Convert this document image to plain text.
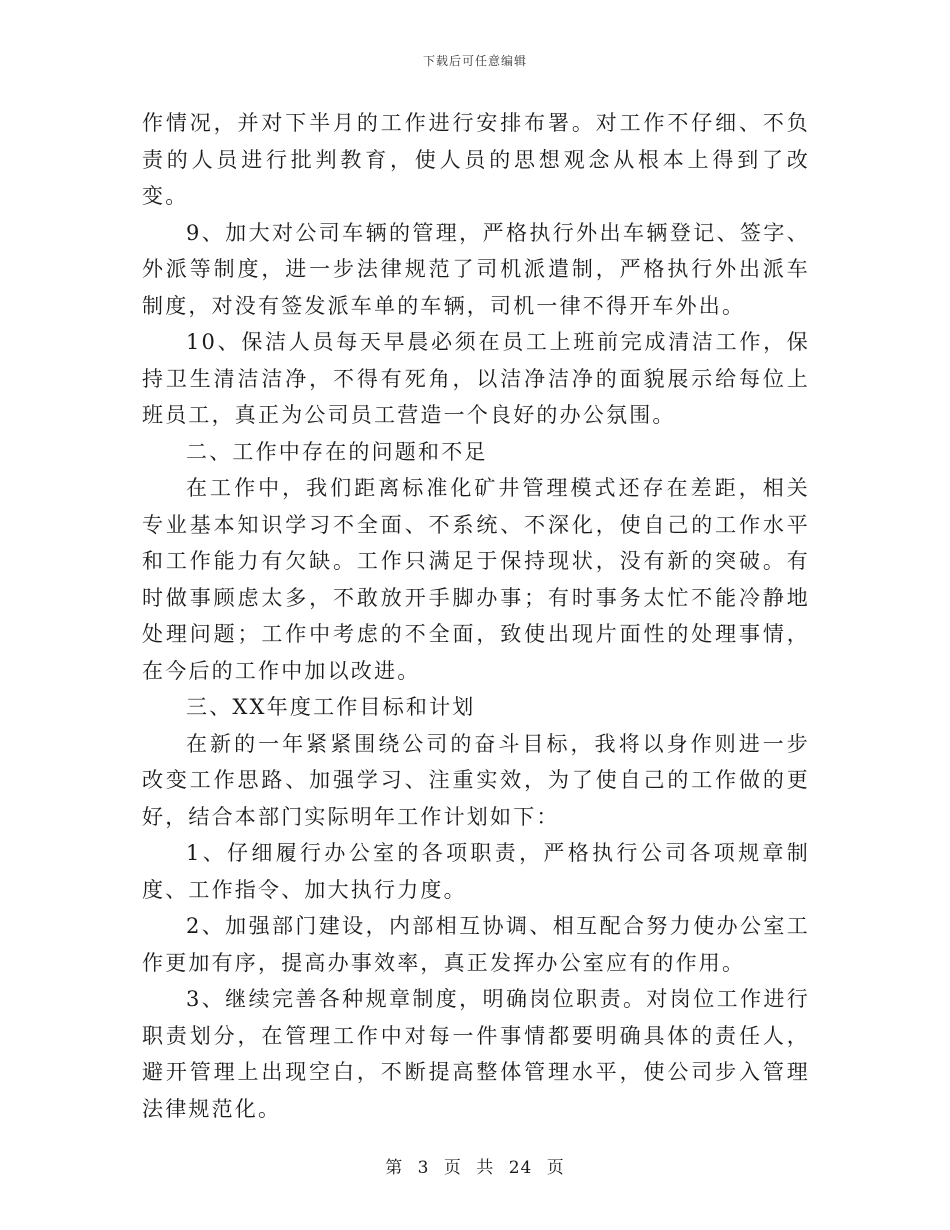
下载后可任意编辑

作情况，并对下半月的工作进行安排布署。对工作不仔细、不负责的人员进行批判教育，使人员的思想观念从根本上得到了改变。

9、加大对公司车辆的管理，严格执行外出车辆登记、签字、外派等制度，进一步法律规范了司机派遣制，严格执行外出派车制度，对没有签发派车单的车辆，司机一律不得开车外出。

10、保洁人员每天早晨必须在员工上班前完成清洁工作，保持卫生清洁洁净，不得有死角，以洁净洁净的面貌展示给每位上班员工，真正为公司员工营造一个良好的办公氛围。

二、工作中存在的问题和不足

在工作中，我们距离标准化矿井管理模式还存在差距，相关专业基本知识学习不全面、不系统、不深化，使自己的工作水平和工作能力有欠缺。工作只满足于保持现状，没有新的突破。有时做事顾虑太多，不敢放开手脚办事；有时事务太忙不能冷静地处理问题；工作中考虑的不全面，致使出现片面性的处理事情，在今后的工作中加以改进。

三、XX年度工作目标和计划

在新的一年紧紧围绕公司的奋斗目标，我将以身作则进一步改变工作思路、加强学习、注重实效，为了使自己的工作做的更好，结合本部门实际明年工作计划如下：

1、仔细履行办公室的各项职责，严格执行公司各项规章制度、工作指令、加大执行力度。

2、加强部门建设，内部相互协调、相互配合努力使办公室工作更加有序，提高办事效率，真正发挥办公室应有的作用。

3、继续完善各种规章制度，明确岗位职责。对岗位工作进行职责划分，在管理工作中对每一件事情都要明确具体的责任人，避开管理上出现空白，不断提高整体管理水平，使公司步入管理法律规范化。

第 3 页 共 24 页
